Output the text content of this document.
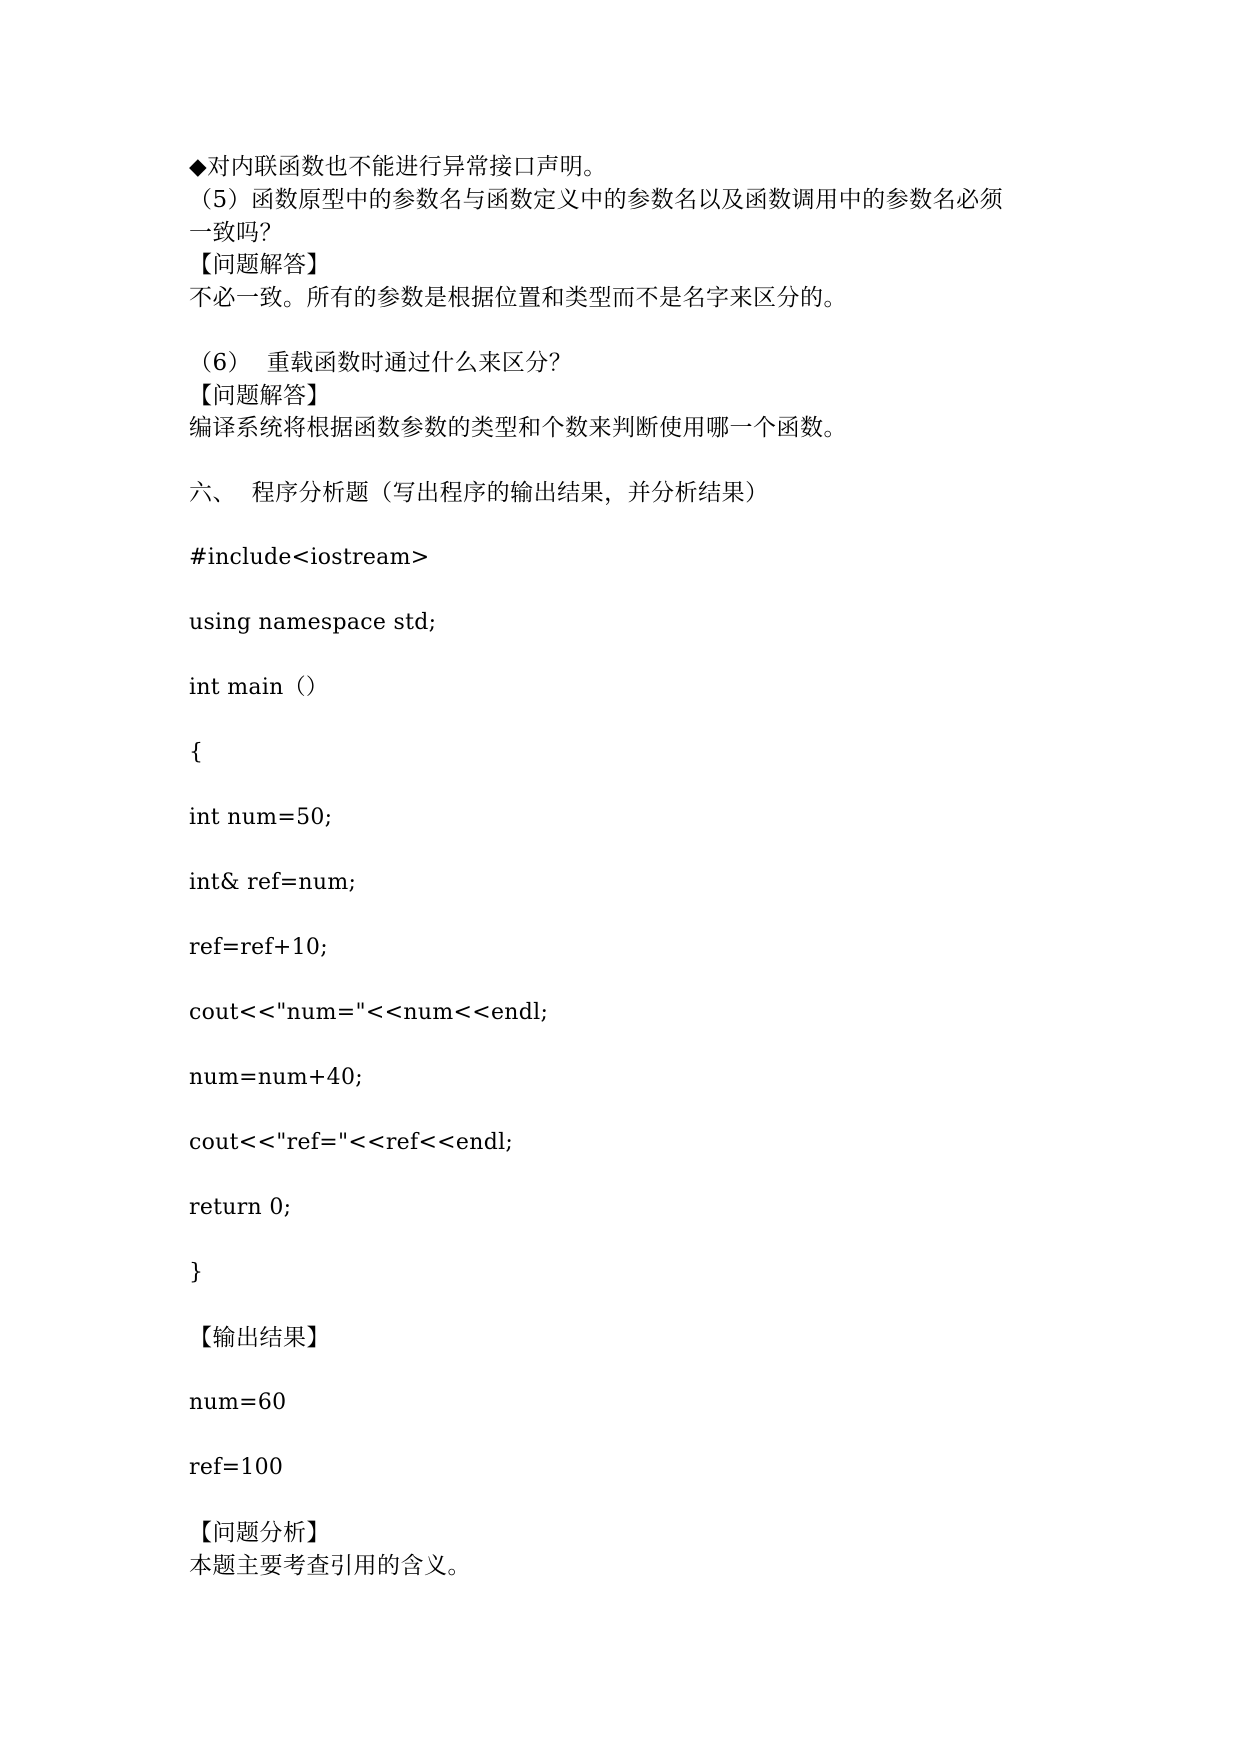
◆对内联函数也不能进行异常接口声明。
（5）函数原型中的参数名与函数定义中的参数名以及函数调用中的参数名必须
一致吗？
【问题解答】
不必一致。所有的参数是根据位置和类型而不是名字来区分的。
（6）  重载函数时通过什么来区分？
【问题解答】
编译系统将根据函数参数的类型和个数来判断使用哪一个函数。
六、  程序分析题（写出程序的输出结果，并分析结果）
#include<iostream>
using namespace std;
int main（）
{
int num=50;
int& ref=num;
ref=ref+10;
cout<<"num="<<num<<endl;
num=num+40;
cout<<"ref="<<ref<<endl;
return 0;
}
【输出结果】
num=60
ref=100
【问题分析】
本题主要考查引用的含义。
